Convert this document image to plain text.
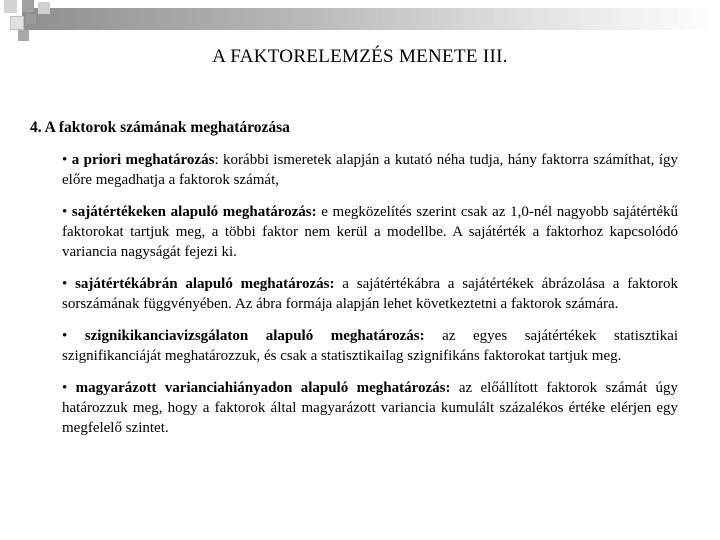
A FAKTORELEMZÉS MENETE III.
4. A faktorok számának meghatározása

• a priori meghatározás: korábbi ismeretek alapján a kutató néha tudja, hány faktorra számíthat, így előre megadhatja a faktorok számát,

• sajátértékeken alapuló meghatározás: e megközelítés szerint csak az 1,0-nél nagyobb sajátértékű faktorokat tartjuk meg, a többi faktor nem kerül a modellbe. A sajátérték a faktorhoz kapcsolódó variancia nagyságát fejezi ki.

• sajátértékábrán alapuló meghatározás: a sajátértékábra a sajátértékek ábrázolása a faktorok sorszámának függvényében. Az ábra formája alapján lehet következtetni a faktorok számára.

• szignikikanciavizsgálaton alapuló meghatározás: az egyes sajátértékek statisztikai szignifikanciáját meghatározzuk, és csak a statisztikailag szignifikáns faktorokat tartjuk meg.

• magyarázott varianciahiányadon alapuló meghatározás: az előállított faktorok számát úgy határozzuk meg, hogy a faktorok által magyarázott variancia kumulált százalékos értéke elérjen egy megfelelő szintet.
